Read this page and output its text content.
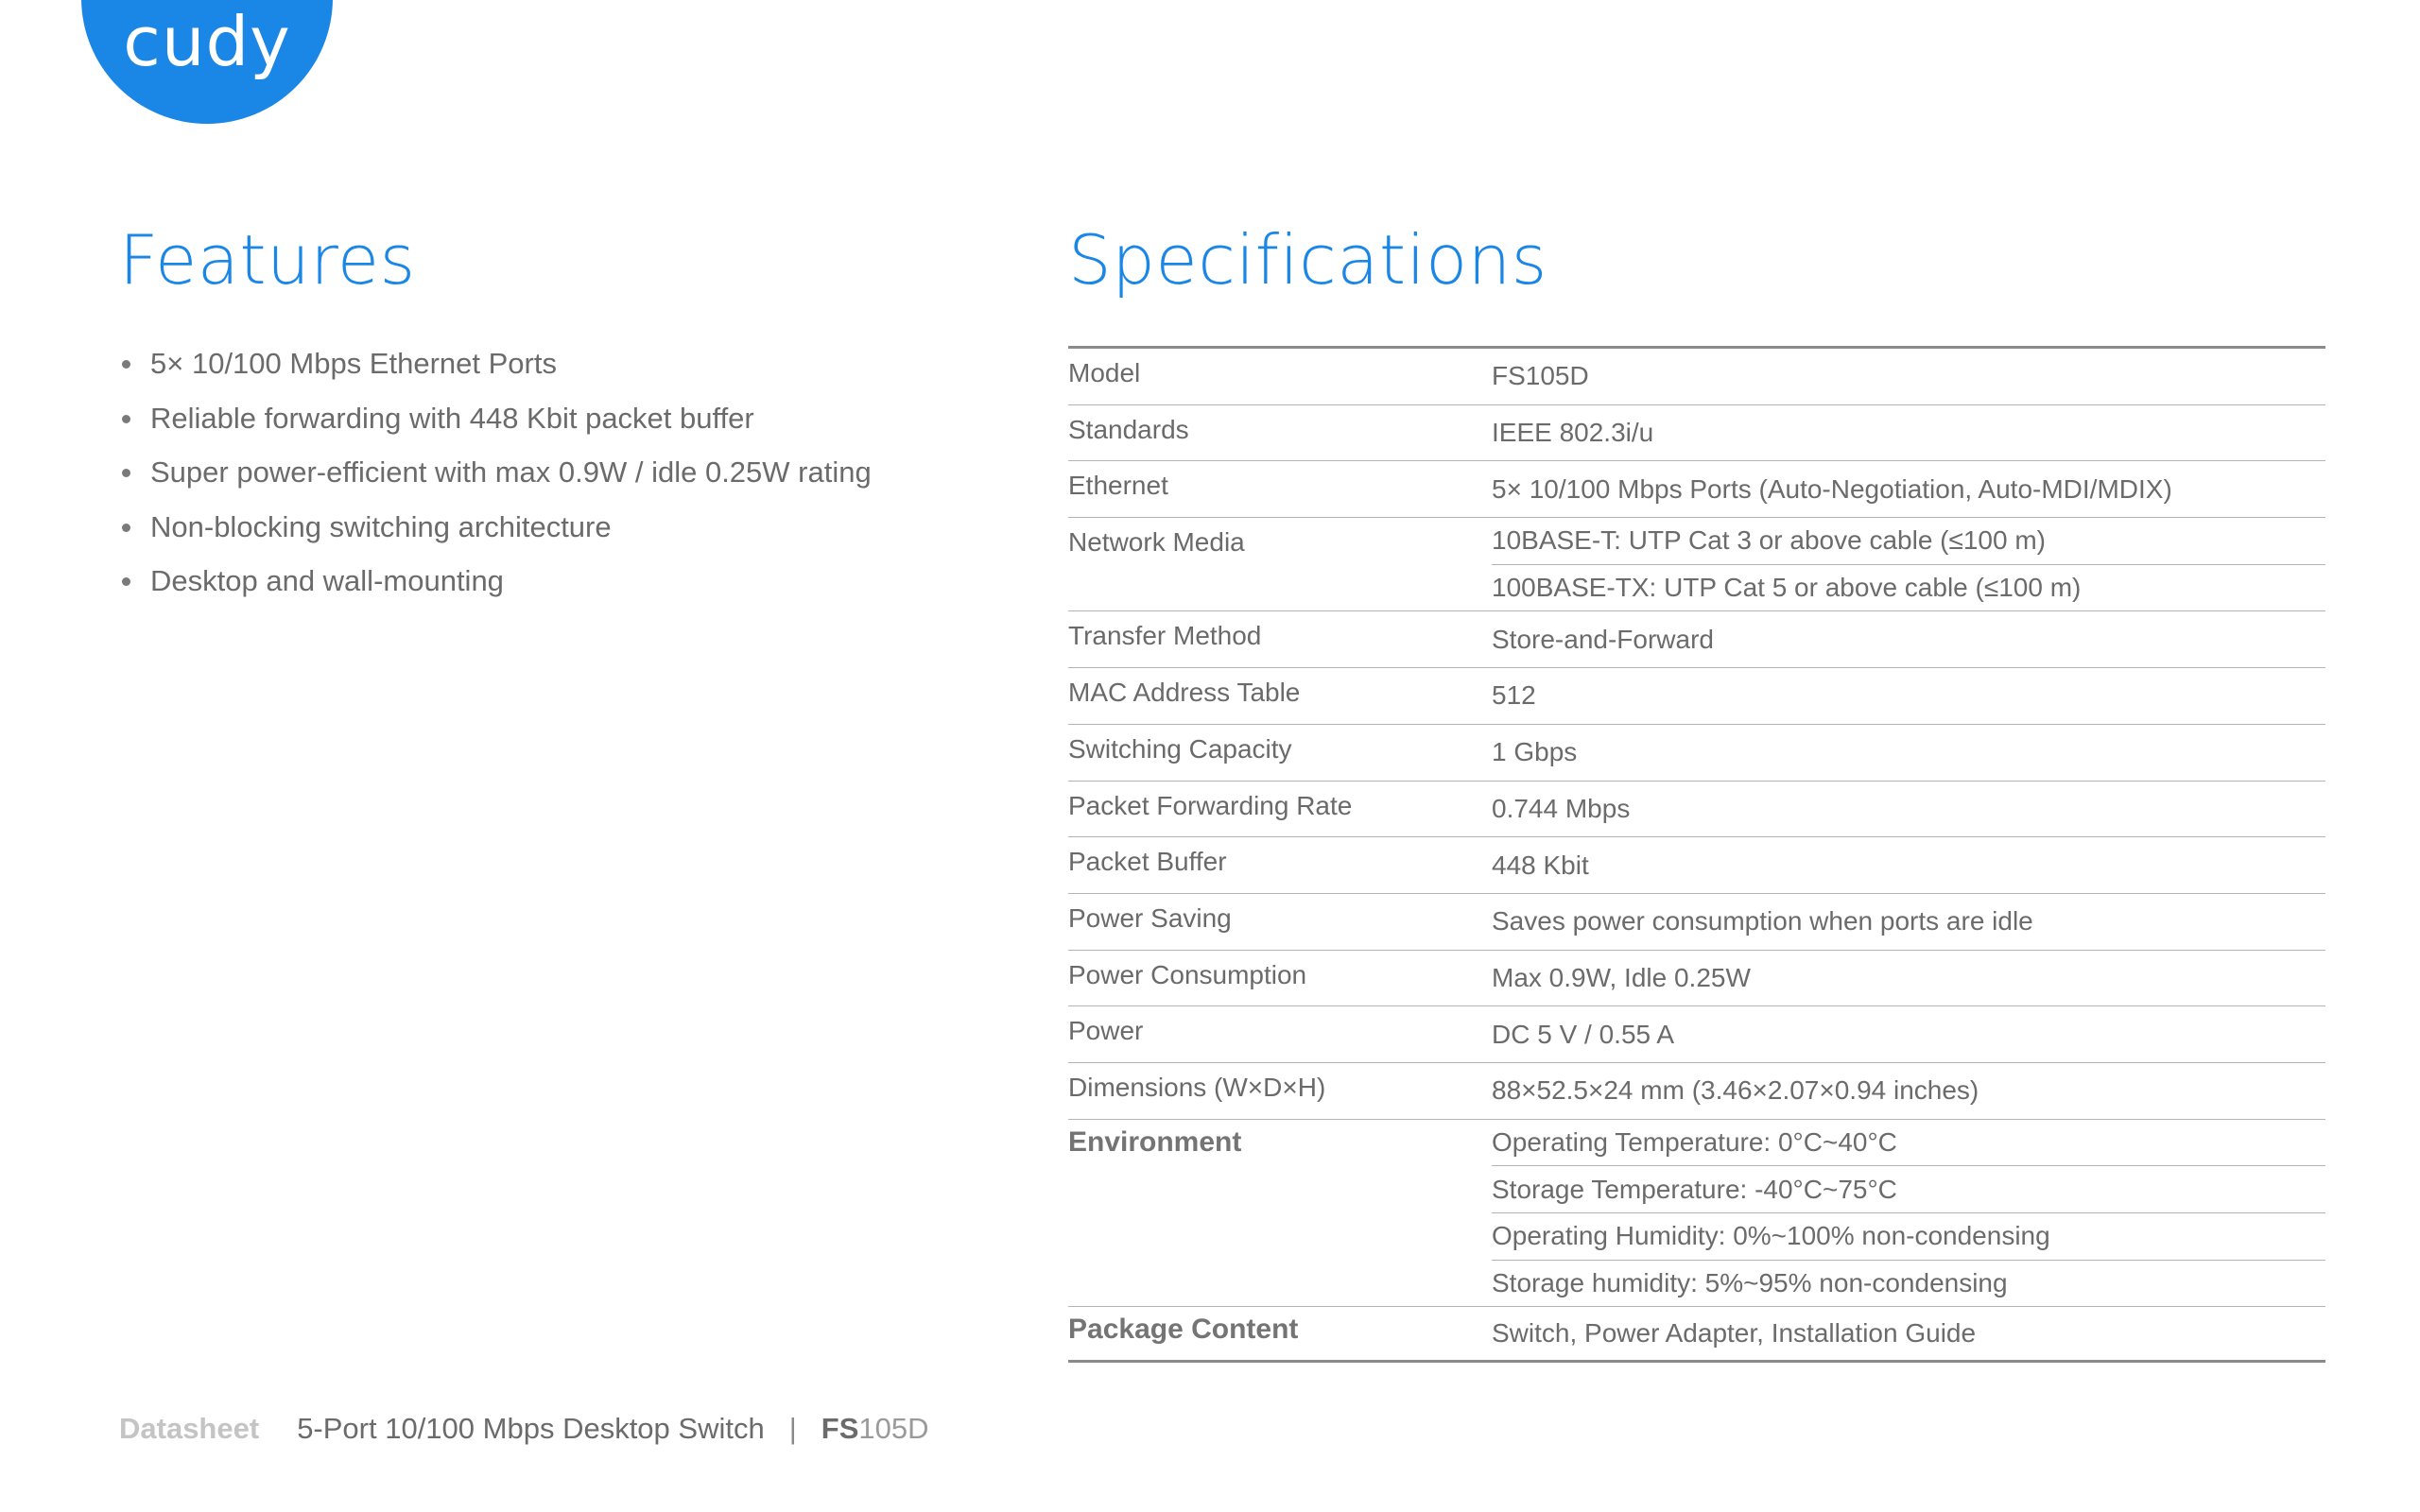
cudy
Features
5× 10/100 Mbps Ethernet Ports
Reliable forwarding with 448 Kbit packet buffer
Super power-efficient with max 0.9W / idle 0.25W rating
Non-blocking switching architecture
Desktop and wall-mounting
Specifications
Model	FS105D
Standards	IEEE 802.3i/u
Ethernet	5× 10/100 Mbps Ports (Auto-Negotiation, Auto-MDI/MDIX)
Network Media	10BASE-T: UTP Cat 3 or above cable (≤100 m)
	100BASE-TX: UTP Cat 5 or above cable (≤100 m)
Transfer Method	Store-and-Forward
MAC Address Table	512
Switching Capacity	1 Gbps
Packet Forwarding Rate	0.744 Mbps
Packet Buffer	448 Kbit
Power Saving	Saves power consumption when ports are idle
Power Consumption	Max 0.9W, Idle 0.25W
Power	DC 5 V / 0.55 A
Dimensions (W×D×H)	88×52.5×24 mm (3.46×2.07×0.94 inches)
Environment	Operating Temperature: 0°C~40°C
	Storage Temperature: -40°C~75°C
	Operating Humidity: 0%~100% non-condensing
	Storage humidity: 5%~95% non-condensing
Package Content	Switch, Power Adapter, Installation Guide
Datasheet 5-Port 10/100 Mbps Desktop Switch | FS105D
